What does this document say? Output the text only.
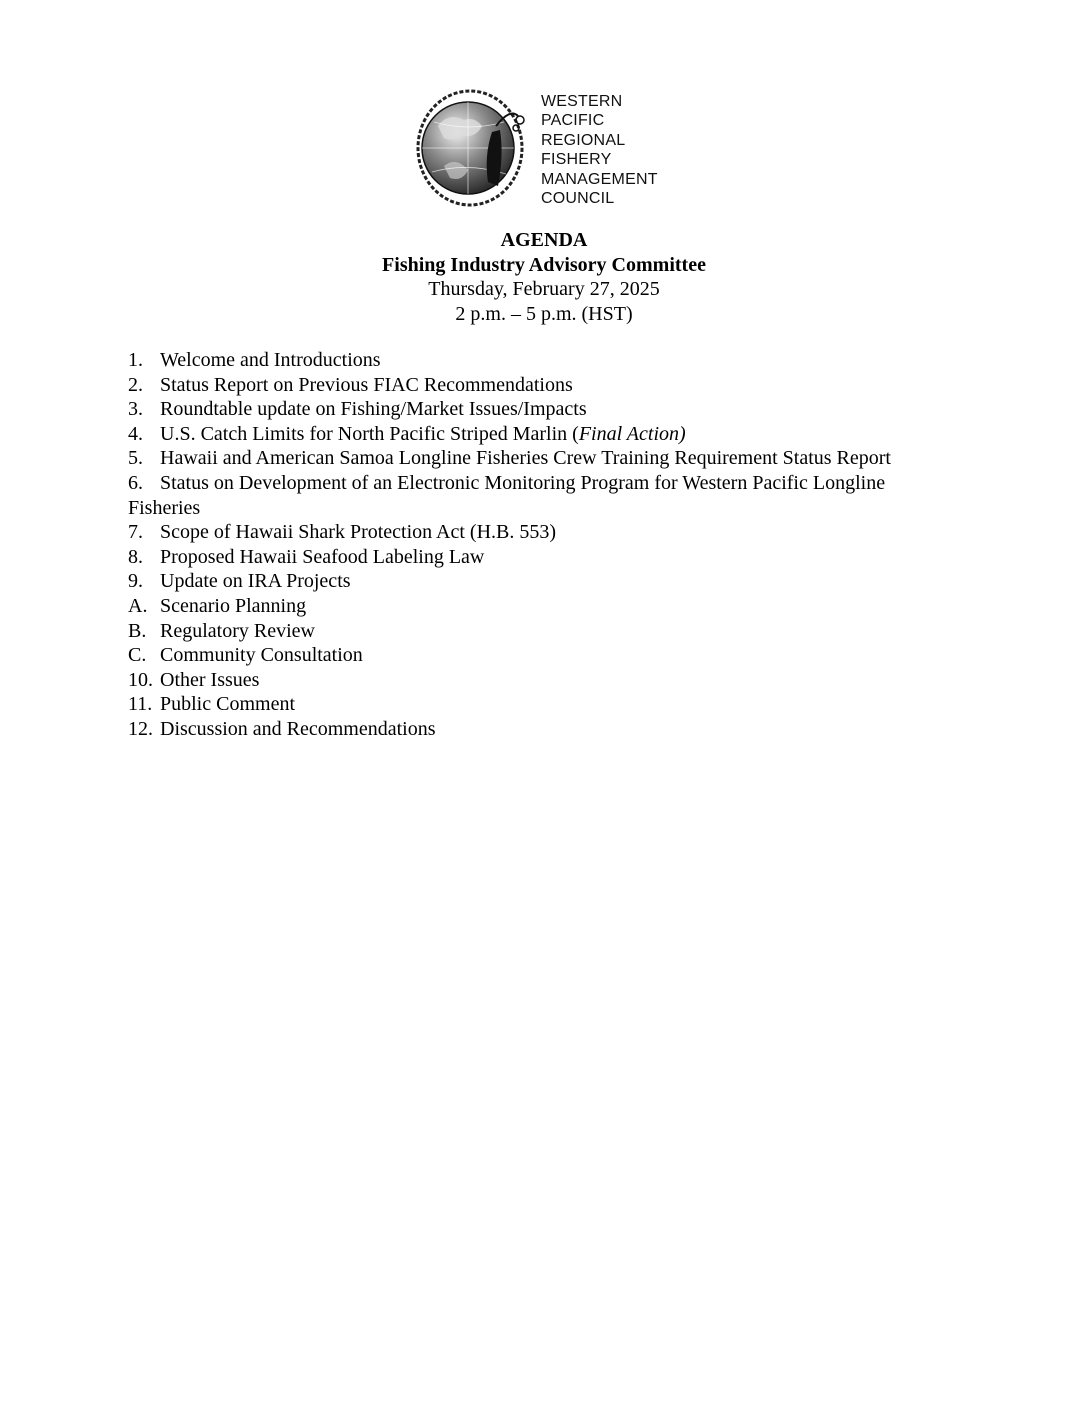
WESTERN
PACIFIC
REGIONAL
FISHERY
MANAGEMENT
COUNCIL
AGENDA
Fishing Industry Advisory Committee
Thursday, February 27, 2025
2 p.m. – 5 p.m. (HST)
1. Welcome and Introductions
2. Status Report on Previous FIAC Recommendations
3. Roundtable update on Fishing/Market Issues/Impacts
4. U.S. Catch Limits for North Pacific Striped Marlin (Final Action)
5. Hawaii and American Samoa Longline Fisheries Crew Training Requirement Status Report
6. Status on Development of an Electronic Monitoring Program for Western Pacific Longline
Fisheries
7. Scope of Hawaii Shark Protection Act (H.B. 553)
8. Proposed Hawaii Seafood Labeling Law
9. Update on IRA Projects
A. Scenario Planning
B. Regulatory Review
C. Community Consultation
10. Other Issues
11. Public Comment
12. Discussion and Recommendations
